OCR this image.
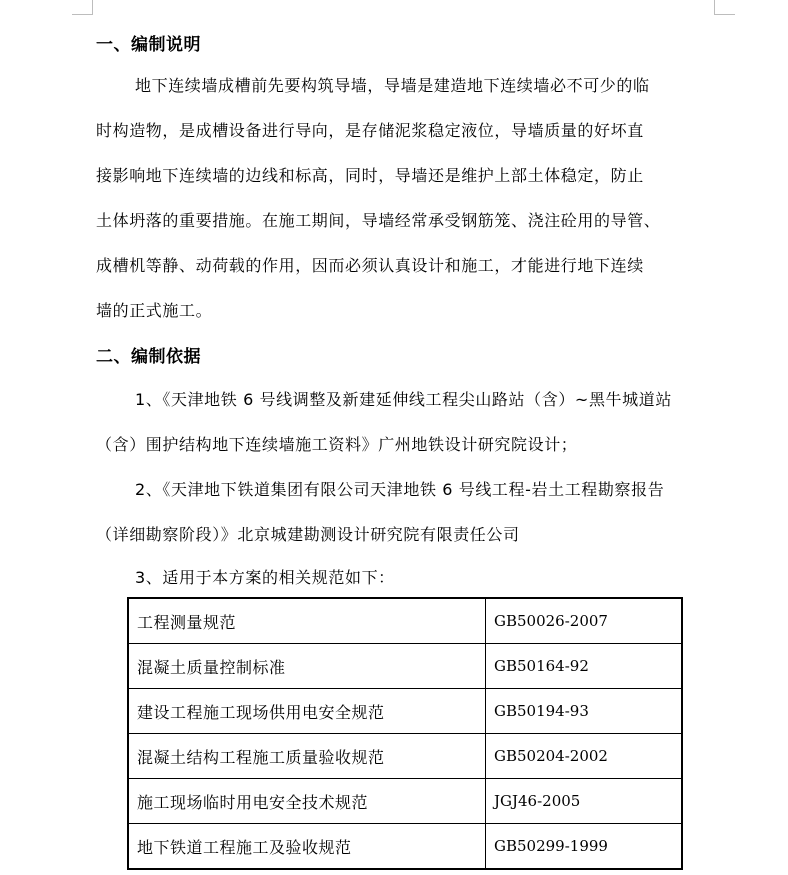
一、编制说明
地下连续墙成槽前先要构筑导墙，导墙是建造地下连续墙必不可少的临
时构造物，是成槽设备进行导向，是存储泥浆稳定液位，导墙质量的好坏直
接影响地下连续墙的边线和标高，同时，导墙还是维护上部土体稳定，防止
土体坍落的重要措施。在施工期间，导墙经常承受钢筋笼、浇注砼用的导管、
成槽机等静、动荷载的作用，因而必须认真设计和施工，才能进行地下连续
墙的正式施工。
二、编制依据
1、《天津地铁 6 号线调整及新建延伸线工程尖山路站（含）~黑牛城道站
（含）围护结构地下连续墙施工资料》广州地铁设计研究院设计；
2、《天津地下铁道集团有限公司天津地铁 6 号线工程-岩土工程勘察报告
（详细勘察阶段）》北京城建勘测设计研究院有限责任公司
3、适用于本方案的相关规范如下：
工程测量规范	GB50026-2007
混凝土质量控制标准	GB50164-92
建设工程施工现场供用电安全规范	GB50194-93
混凝土结构工程施工质量验收规范	GB50204-2002
施工现场临时用电安全技术规范	JGJ46-2005
地下铁道工程施工及验收规范	GB50299-1999
